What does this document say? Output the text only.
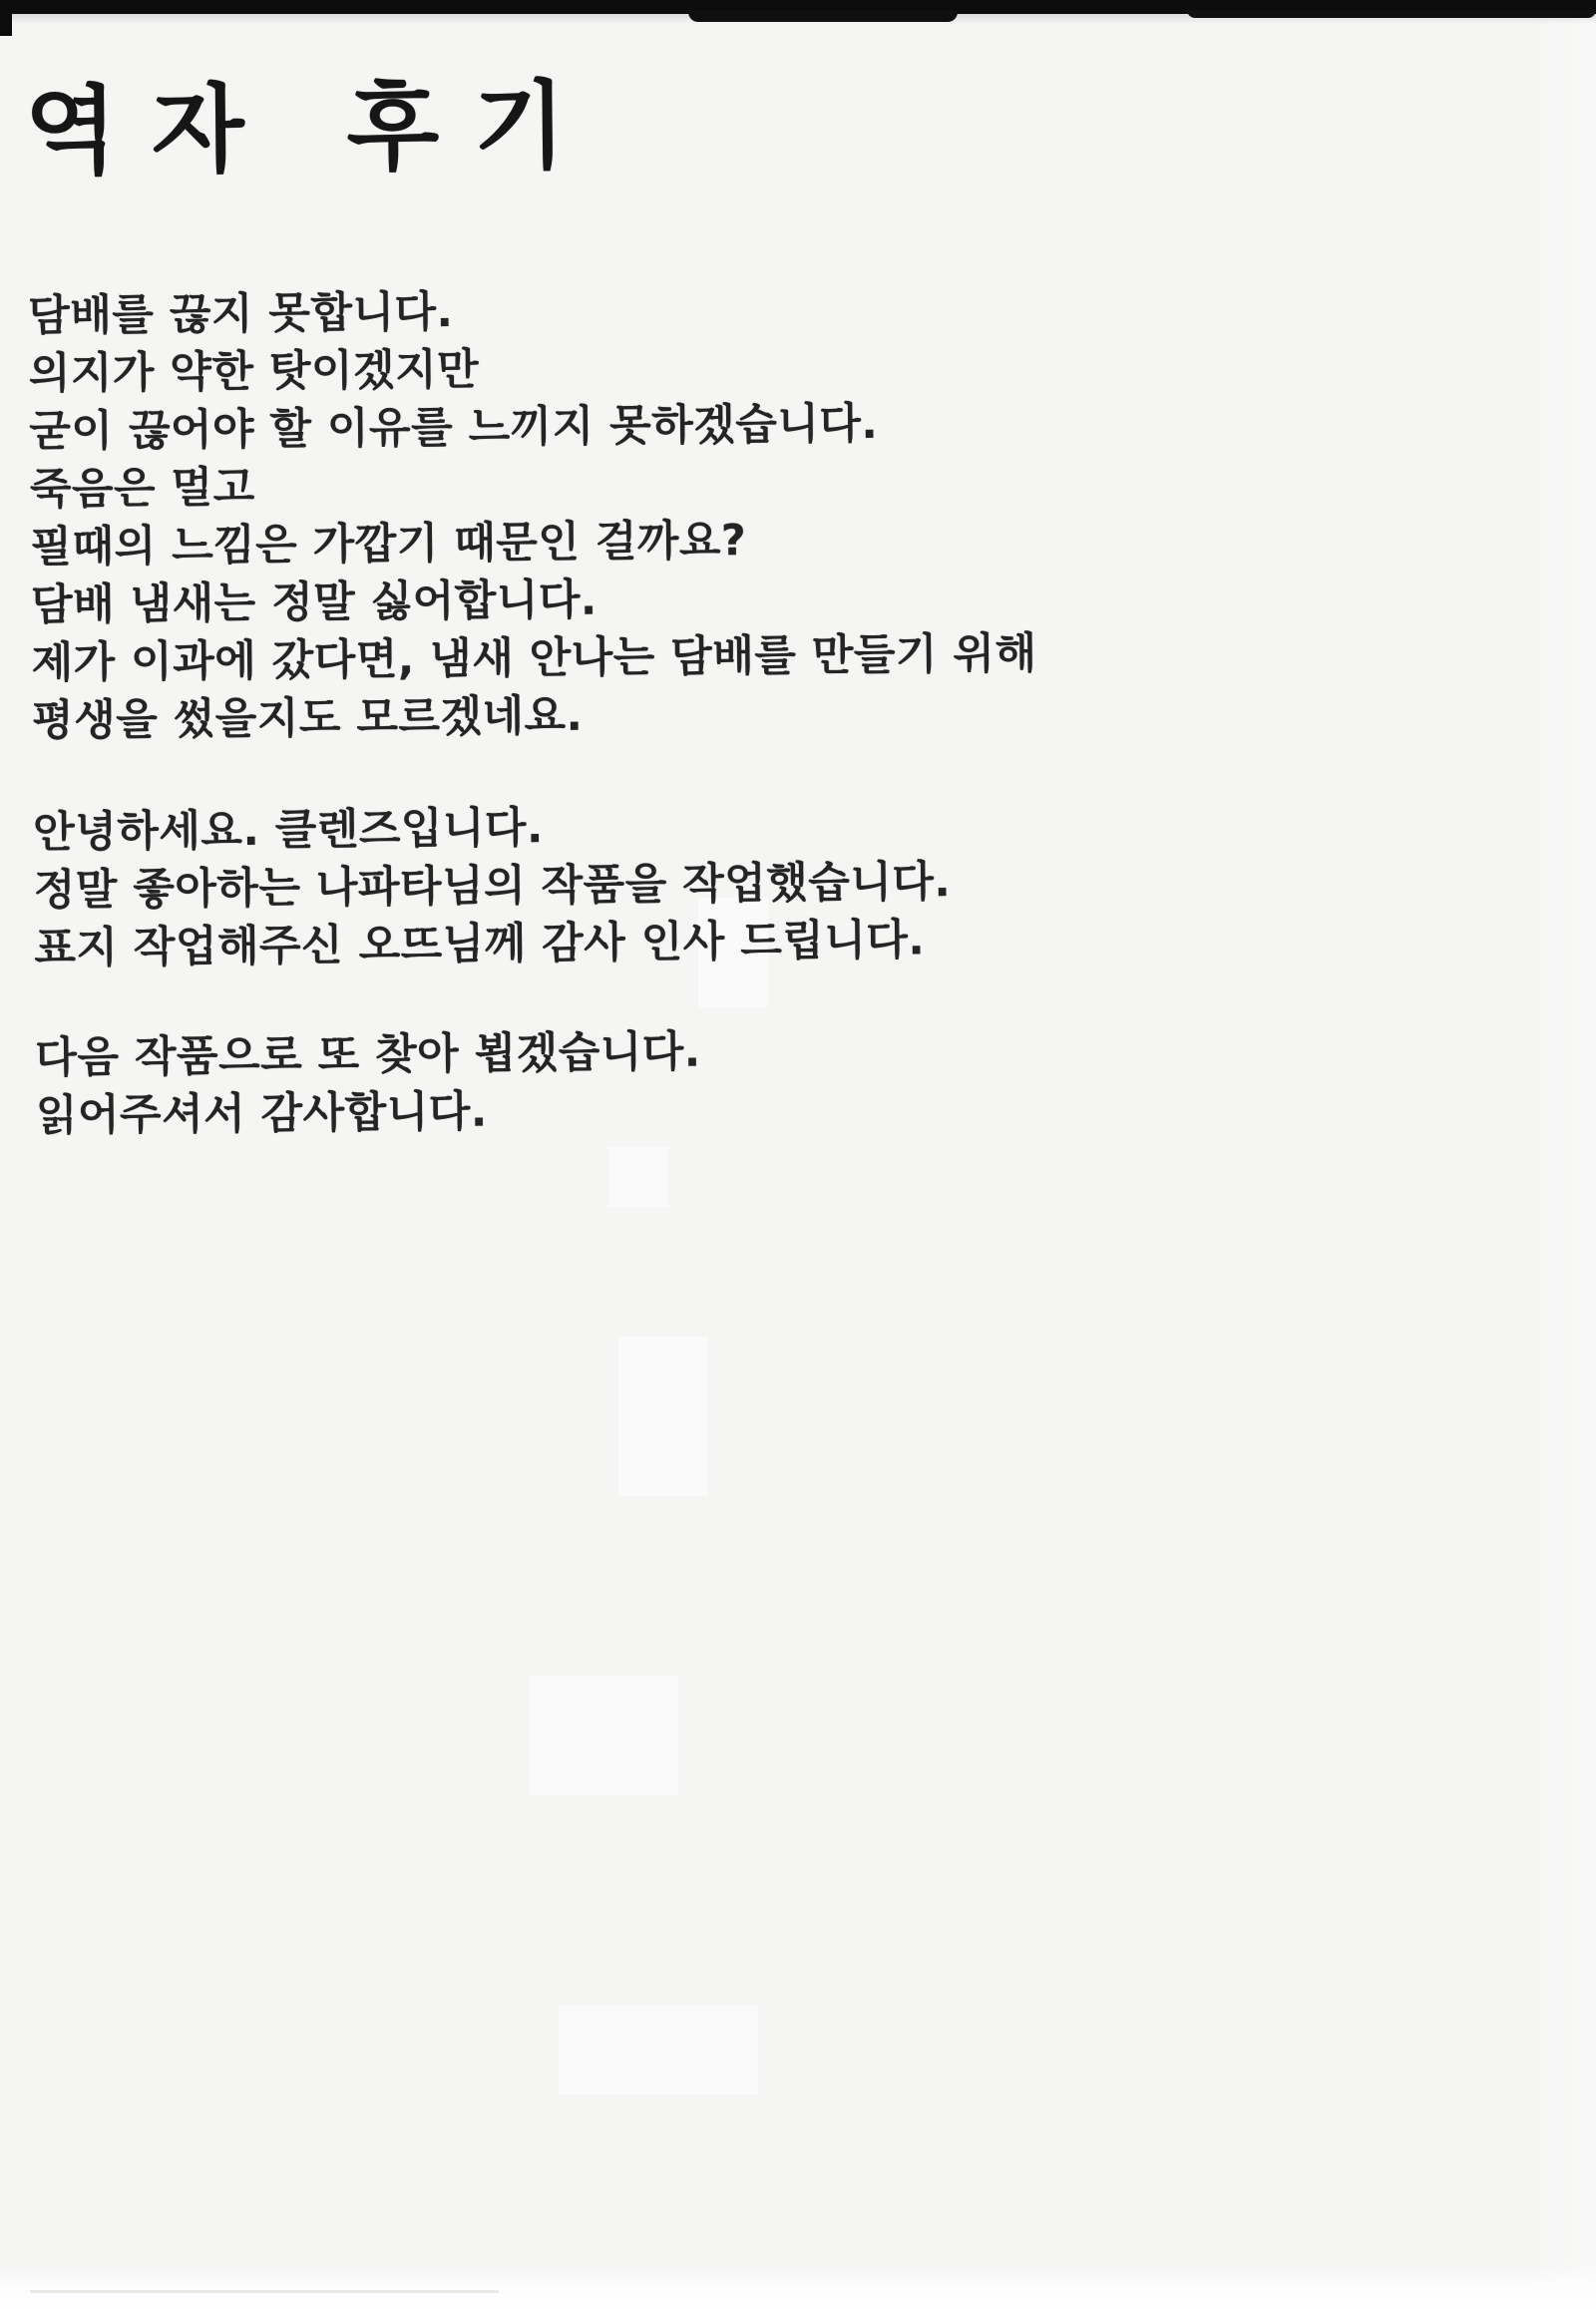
역자 후기
담배를 끊지 못합니다.
의지가 약한 탓이겠지만
굳이 끊어야 할 이유를 느끼지 못하겠습니다.
죽음은 멀고
필때의 느낌은 가깝기 때문인 걸까요?
담배 냄새는 정말 싫어합니다.
제가 이과에 갔다면, 냄새 안나는 담배를 만들기 위해
평생을 썼을지도 모르겠네요.
안녕하세요. 클렌즈입니다.
정말 좋아하는 나파타님의 작품을 작업했습니다.
표지 작업해주신 오뜨님께 감사 인사 드립니다.
다음 작품으로 또 찾아 뵙겠습니다.
읽어주셔서 감사합니다.
